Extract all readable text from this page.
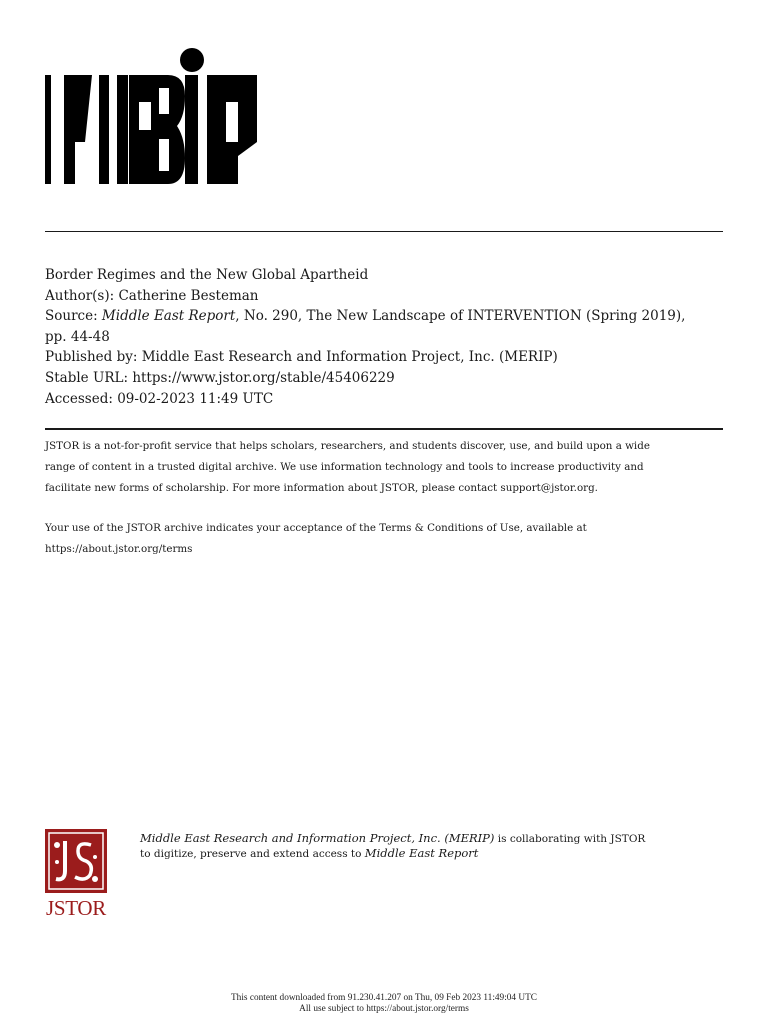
Border Regimes and the New Global Apartheid
Author(s): Catherine Besteman
Source: Middle East Report, No. 290, The New Landscape of INTERVENTION (Spring 2019),
pp. 44-48
Published by: Middle East Research and Information Project, Inc. (MERIP)
Stable URL: https://www.jstor.org/stable/45406229
Accessed: 09-02-2023 11:49 UTC

JSTOR is a not-for-profit service that helps scholars, researchers, and students discover, use, and build upon a wide
range of content in a trusted digital archive. We use information technology and tools to increase productivity and
facilitate new forms of scholarship. For more information about JSTOR, please contact support@jstor.org.

Your use of the JSTOR archive indicates your acceptance of the Terms & Conditions of Use, available at
https://about.jstor.org/terms

JSTOR
Middle East Research and Information Project, Inc. (MERIP) is collaborating with JSTOR
to digitize, preserve and extend access to Middle East Report
This content downloaded from 91.230.41.207 on Thu, 09 Feb 2023 11:49:04 UTC
All use subject to https://about.jstor.org/terms
